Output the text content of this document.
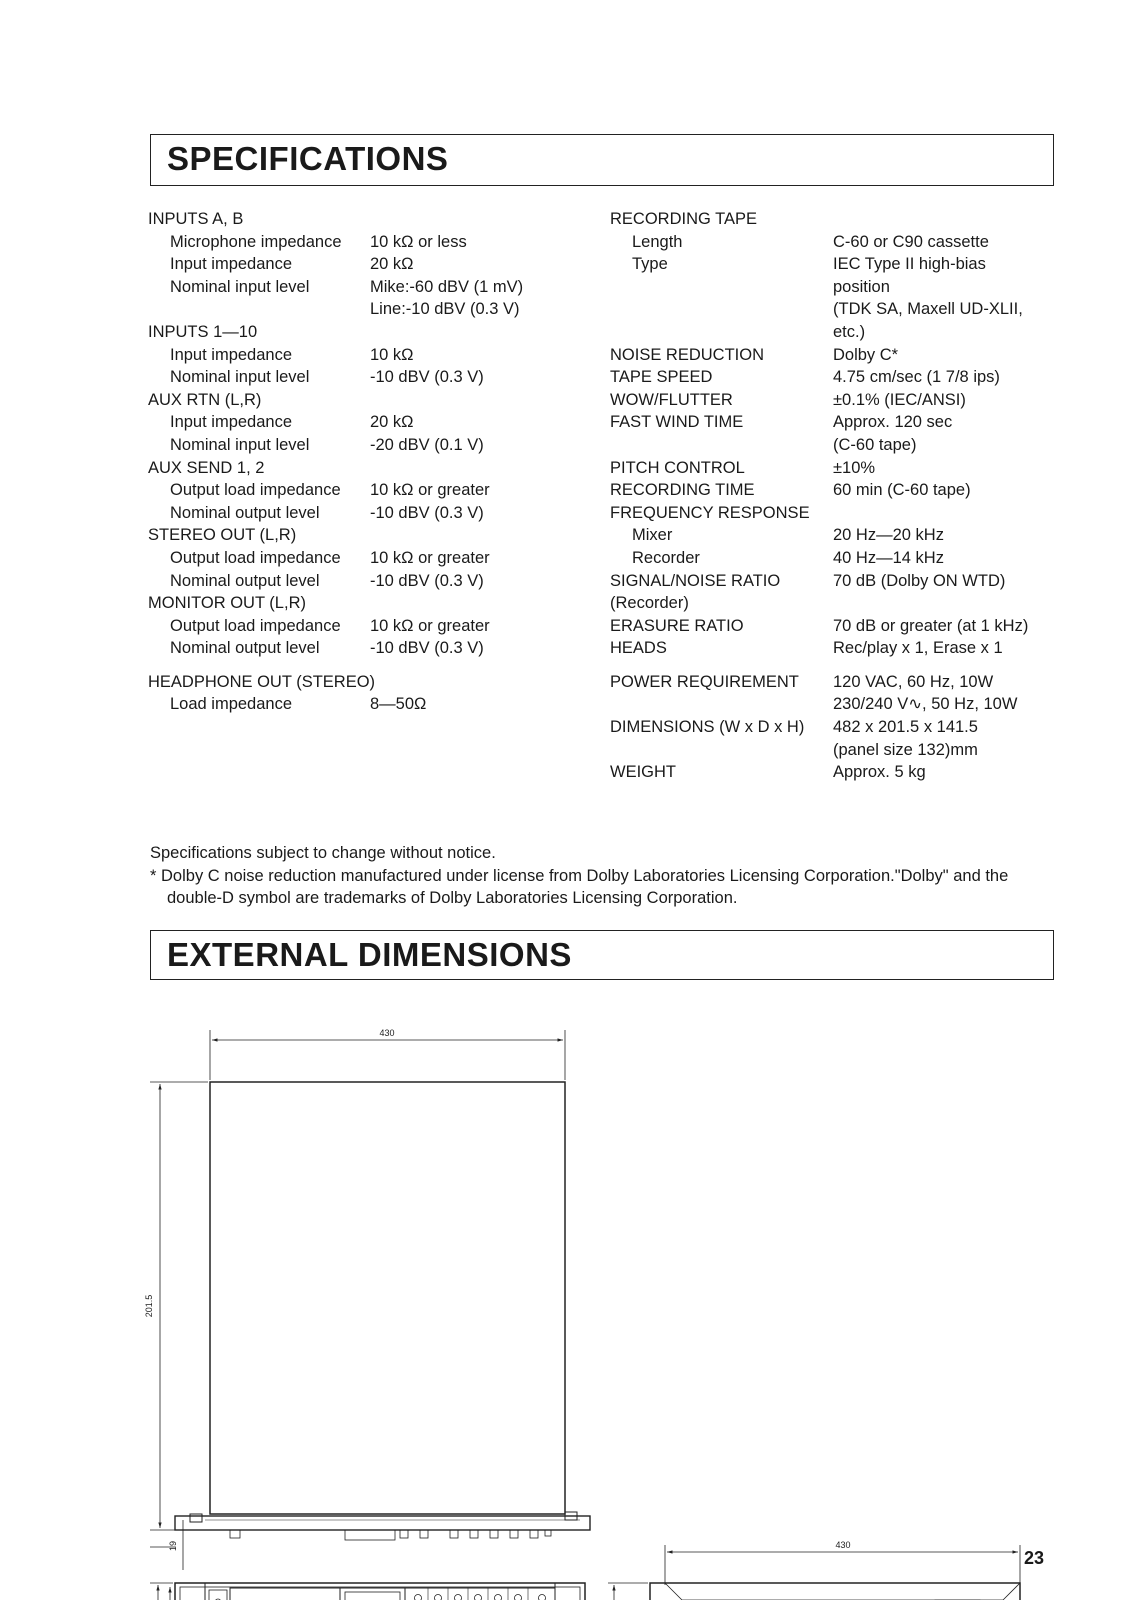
SPECIFICATIONS
INPUTS A, B
Microphone impedance 10 kΩ or less
Input impedance	20 kΩ
Nominal input level	Mike:-60 dBV (1 mV)
Line:-10 dBV (0.3 V)
INPUTS 1—10
Input impedance	10 kΩ
Nominal input level	-10 dBV (0.3 V)
AUX RTN (L,R)
Input impedance	20 kΩ
Nominal input level	-20 dBV (0.1 V)
AUX SEND 1, 2
Output load impedance 10 kΩ or greater
Nominal output level	-10 dBV (0.3 V)
STEREO OUT (L,R)
Output load impedance 10 kΩ or greater
Nominal output level	-10 dBV (0.3 V)
MONITOR OUT (L,R)
Output load impedance 10 kΩ or greater
Nominal output level	-10 dBV (0.3 V)
HEADPHONE OUT (STEREO)
Load impedance	8—50Ω
RECORDING TAPE
Length	C-60 or C90 cassette
Type	IEC Type II high-bias
position
(TDK SA, Maxell UD-XLII,
etc.)
NOISE REDUCTION	Dolby C*
TAPE SPEED	4.75 cm/sec (1 7/8 ips)
WOW/FLUTTER	±0.1% (IEC/ANSI)
FAST WIND TIME	Approx. 120 sec
(C-60 tape)
PITCH CONTROL	±10%
RECORDING TIME	60 min (C-60 tape)
FREQUENCY RESPONSE
Mixer	20 Hz—20 kHz
Recorder	40 Hz—14 kHz
SIGNAL/NOISE RATIO	70 dB (Dolby ON WTD)
(Recorder)
ERASURE RATIO	70 dB or greater (at 1 kHz)
HEADS	Rec/play x 1, Erase x 1
POWER REQUIREMENT 120 VAC, 60 Hz, 10W
230/240 V∿, 50 Hz, 10W
DIMENSIONS (W x D x H) 482 x 201.5 x 141.5
(panel size 132)mm
WEIGHT	Approx. 5 kg
Specifications subject to change without notice.
* Dolby C noise reduction manufactured under license from Dolby Laboratories Licensing Corporation."Dolby" and the double-D symbol are trademarks of Dolby Laboratories Licensing Corporation.
EXTERNAL DIMENSIONS
430
201.5
19	430
23
